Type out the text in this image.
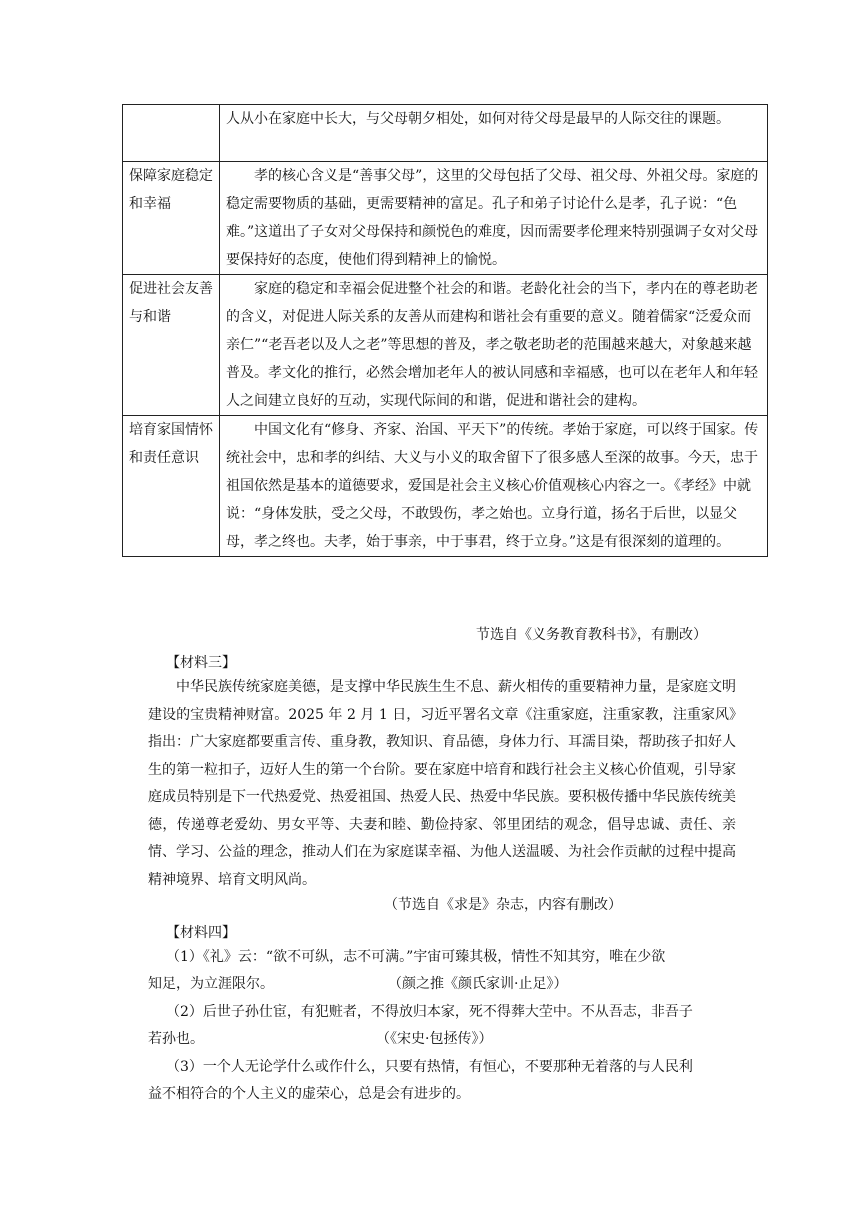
	人从小在家庭中长大，与父母朝夕相处，如何对待父母是最早的人际交往的课题。
保障家庭稳定和幸福	孝的核心含义是“善事父母”，这里的父母包括了父母、祖父母、外祖父母。家庭的稳定需要物质的基础，更需要精神的富足。孔子和弟子讨论什么是孝，孔子说：“色难。”这道出了子女对父母保持和颜悦色的难度，因而需要孝伦理来特别强调子女对父母要保持好的态度，使他们得到精神上的愉悦。
促进社会友善与和谐	家庭的稳定和幸福会促进整个社会的和谐。老龄化社会的当下，孝内在的尊老助老的含义，对促进人际关系的友善从而建构和谐社会有重要的意义。随着儒家“泛爱众而亲仁”“老吾老以及人之老”等思想的普及，孝之敬老助老的范围越来越大，对象越来越普及。孝文化的推行，必然会增加老年人的被认同感和幸福感，也可以在老年人和年轻人之间建立良好的互动，实现代际间的和谐，促进和谐社会的建构。
培育家国情怀和责任意识	中国文化有“修身、齐家、治国、平天下”的传统。孝始于家庭，可以终于国家。传统社会中，忠和孝的纠结、大义与小义的取舍留下了很多感人至深的故事。今天，忠于祖国依然是基本的道德要求，爱国是社会主义核心价值观核心内容之一。《孝经》中就说：“身体发肤，受之父母，不敢毁伤，孝之始也。立身行道，扬名于后世，以显父母，孝之终也。夫孝，始于事亲，中于事君，终于立身。”这是有很深刻的道理的。
节选自《义务教育教科书》，有删改）
【材料三】
中华民族传统家庭美德，是支撑中华民族生生不息、薪火相传的重要精神力量，是家庭文明建设的宝贵精神财富。2025 年 2 月 1 日，习近平署名文章《注重家庭，注重家教，注重家风》指出：广大家庭都要重言传、重身教，教知识、育品德，身体力行、耳濡目染，帮助孩子扣好人生的第一粒扣子，迈好人生的第一个台阶。要在家庭中培育和践行社会主义核心价值观，引导家庭成员特别是下一代热爱党、热爱祖国、热爱人民、热爱中华民族。要积极传播中华民族传统美德，传递尊老爱幼、男女平等、夫妻和睦、勤俭持家、邻里团结的观念，倡导忠诚、责任、亲情、学习、公益的理念，推动人们在为家庭谋幸福、为他人送温暖、为社会作贡献的过程中提高精神境界、培育文明风尚。
（节选自《求是》杂志，内容有删改）
【材料四】
（1）《礼》云：“欲不可纵，志不可满。”宇宙可臻其极，情性不知其穷，唯在少欲
知足，为立涯限尔。	（颜之推《颜氏家训·止足》）
（2）后世子孙仕宦，有犯赃者，不得放归本家，死不得葬大茔中。不从吾志，非吾子
若孙也。	（《宋史·包拯传》）
（3）一个人无论学什么或作什么，只要有热情，有恒心，不要那种无着落的与人民利
益不相符合的个人主义的虚荣心，总是会有进步的。
